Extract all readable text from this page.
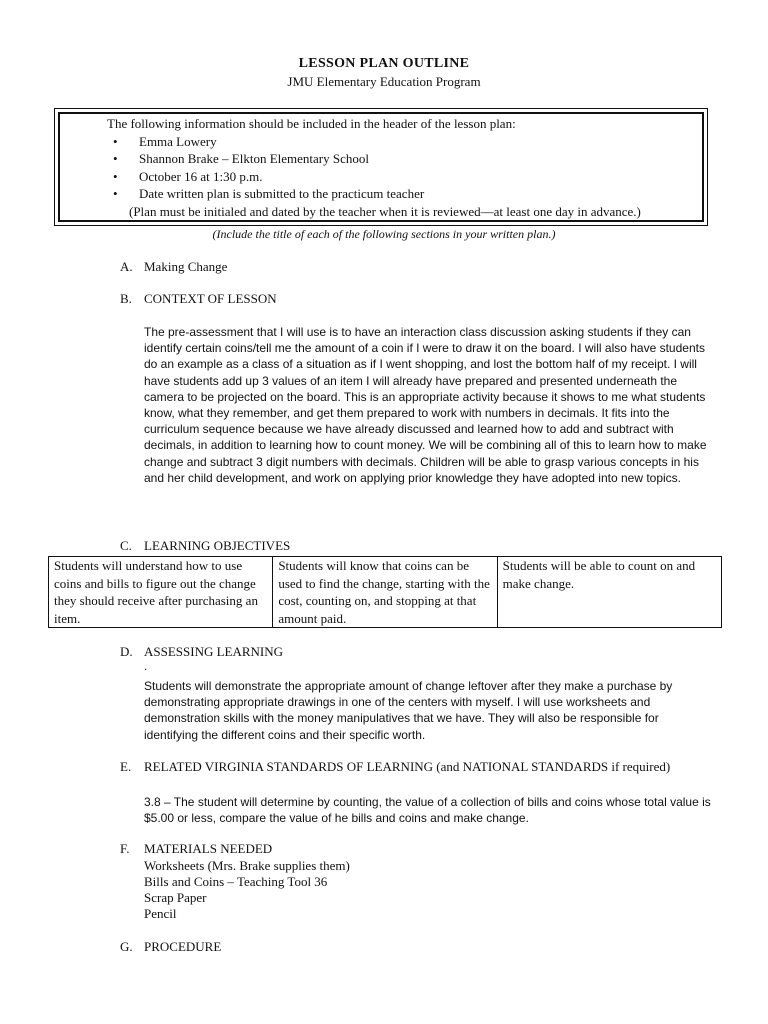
LESSON PLAN OUTLINE
JMU Elementary Education Program
The following information should be included in the header of the lesson plan:
• Emma Lowery
• Shannon Brake – Elkton Elementary School
• October 16 at 1:30 p.m.
• Date written plan is submitted to the practicum teacher
(Plan must be initialed and dated by the teacher when it is reviewed—at least one day in advance.)
(Include the title of each of the following sections in your written plan.)
A. Making Change
B. CONTEXT OF LESSON
The pre-assessment that I will use is to have an interaction class discussion asking students if they can identify certain coins/tell me the amount of a coin if I were to draw it on the board. I will also have students do an example as a class of a situation as if I went shopping, and lost the bottom half of my receipt. I will have students add up 3 values of an item I will already have prepared and presented underneath the camera to be projected on the board. This is an appropriate activity because it shows to me what students know, what they remember, and get them prepared to work with numbers in decimals. It fits into the curriculum sequence because we have already discussed and learned how to add and subtract with decimals, in addition to learning how to count money. We will be combining all of this to learn how to make change and subtract 3 digit numbers with decimals. Children will be able to grasp various concepts in his and her child development, and work on applying prior knowledge they have adopted into new topics.
C. LEARNING OBJECTIVES
Students will understand how to use coins and bills to figure out the change they should receive after purchasing an item.	Students will know that coins can be used to find the change, starting with the cost, counting on, and stopping at that amount paid.	Students will be able to count on and make change.
D. ASSESSING LEARNING
.
Students will demonstrate the appropriate amount of change leftover after they make a purchase by demonstrating appropriate drawings in one of the centers with myself. I will use worksheets and demonstration skills with the money manipulatives that we have. They will also be responsible for identifying the different coins and their specific worth.
E. RELATED VIRGINIA STANDARDS OF LEARNING (and NATIONAL STANDARDS if required)
3.8 – The student will determine by counting, the value of a collection of bills and coins whose total value is $5.00 or less, compare the value of he bills and coins and make change.
F. MATERIALS NEEDED
Worksheets (Mrs. Brake supplies them)
Bills and Coins – Teaching Tool 36
Scrap Paper
Pencil
G. PROCEDURE
